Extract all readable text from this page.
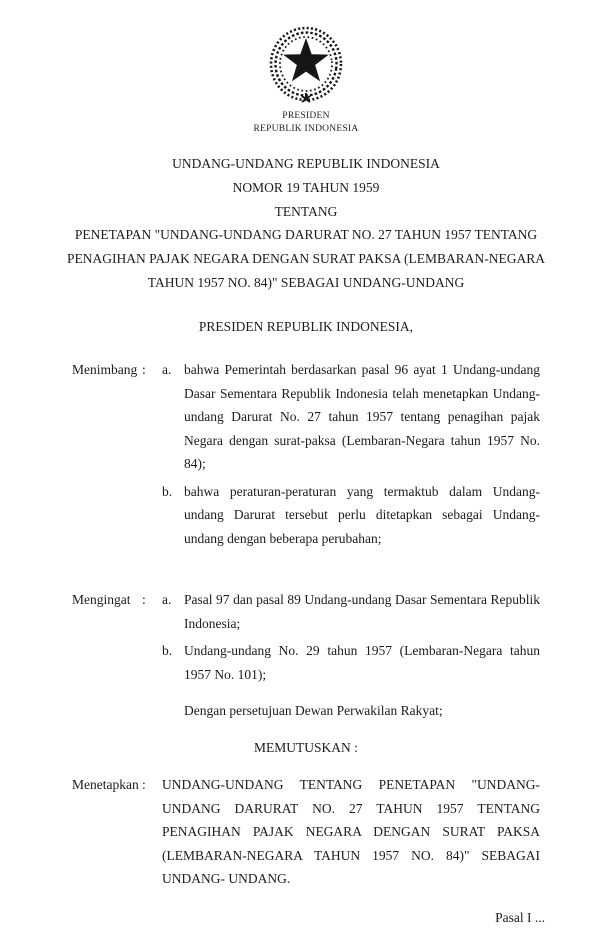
PRESIDEN
REPUBLIK INDONESIA
UNDANG-UNDANG REPUBLIK INDONESIA
NOMOR 19 TAHUN 1959
TENTANG
PENETAPAN "UNDANG-UNDANG DARURAT NO. 27 TAHUN 1957 TENTANG PENAGIHAN PAJAK NEGARA DENGAN SURAT PAKSA (LEMBARAN-NEGARA TAHUN 1957 NO. 84)" SEBAGAI UNDANG-UNDANG
PRESIDEN REPUBLIK INDONESIA,
Menimbang :	a. bahwa Pemerintah berdasarkan pasal 96 ayat 1 Undang-undang Dasar Sementara Republik Indonesia telah menetapkan Undang-undang Darurat No. 27 tahun 1957 tentang penagihan pajak Negara dengan surat-paksa (Lembaran-Negara tahun 1957 No. 84);
b. bahwa peraturan-peraturan yang termaktub dalam Undang- undang Darurat tersebut perlu ditetapkan sebagai Undang- undang dengan beberapa perubahan;
Mengingat :	a. Pasal 97 dan pasal 89 Undang-undang Dasar Sementara Republik Indonesia;
b. Undang-undang No. 29 tahun 1957 (Lembaran-Negara tahun 1957 No. 101);
Dengan persetujuan Dewan Perwakilan Rakyat;
MEMUTUSKAN :
Menetapkan :	UNDANG-UNDANG TENTANG PENETAPAN "UNDANG-UNDANG DARURAT NO. 27 TAHUN 1957 TENTANG PENAGIHAN PAJAK NEGARA DENGAN SURAT PAKSA (LEMBARAN-NEGARA TAHUN 1957 NO. 84)" SEBAGAI UNDANG- UNDANG.
Pasal I ...
